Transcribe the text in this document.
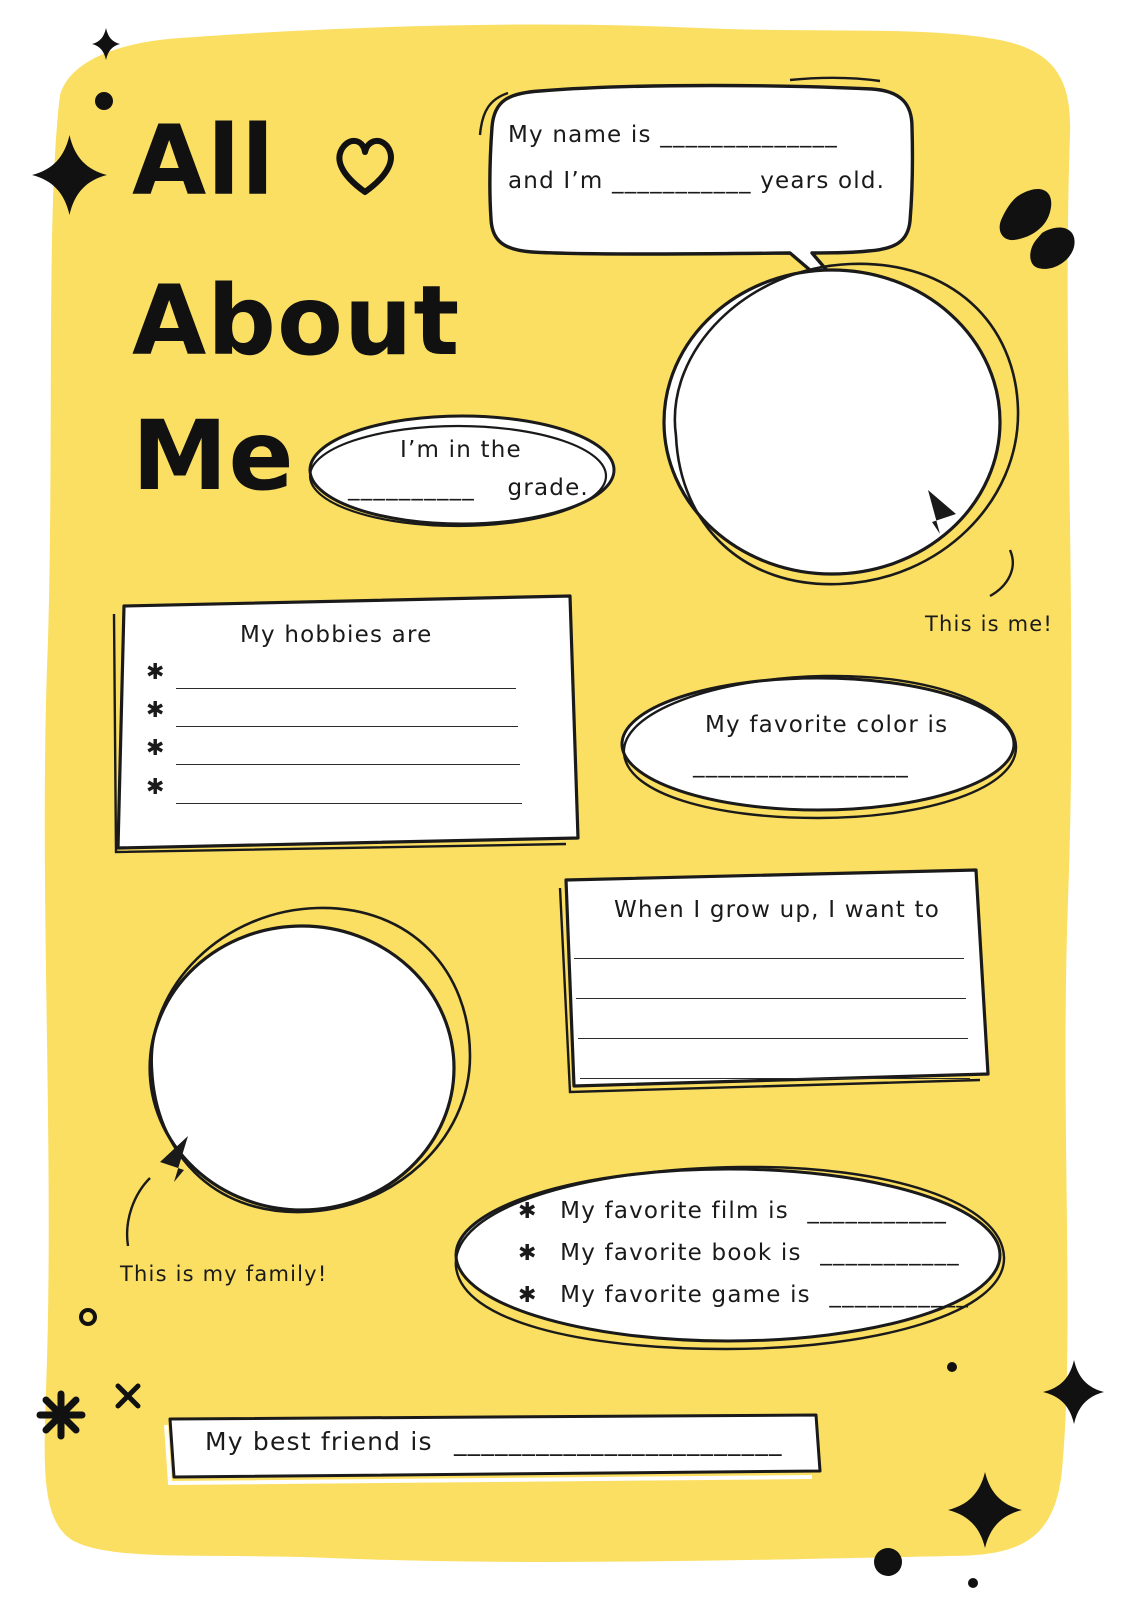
All
About
Me
My name is ______________
and I’m ___________ years old.
I’m in the
__________ grade.
This is me!
My hobbies are
✱
✱
✱
✱
My favorite color is
_________________
When I grow up, I want to
This is my family!
✱ My favorite film is ___________
✱ My favorite book is ___________
✱ My favorite game is ___________
My best friend is ________________________
